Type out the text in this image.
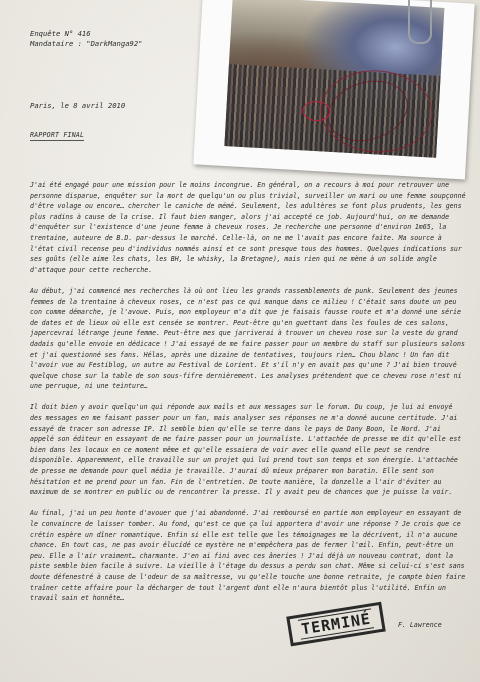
Enquête N° 416
Mandataire : "DarkManga92"
Paris, le 8 avril 2010
RAPPORT FINAL

J'ai été engagé pour une mission pour le moins incongrue. En général, on a recours à moi pour retrouver une personne disparue, enquêter sur la mort de quelqu'un ou plus trivial, surveiller un mari ou une femme soupçonné d'être volage ou encore… chercher le caniche de mémé. Seulement, les adultères se font plus prudents, les gens plus radins à cause de la crise. Il faut bien manger, alors j'ai accepté ce job. Aujourd'hui, on me demande d'enquêter sur l'existence d'une jeune femme à cheveux roses. Je recherche une personne d'environ 1m65, la trentaine, auteure de B.D. par-dessus le marché. Celle-là, on ne me l'avait pas encore faite. Ma source à l'état civil recense peu d'individus nommés ainsi et ce sont presque tous des hommes. Quelques indications sur ses goûts (elle aime les chats, les BH, le whisky, la Bretagne), mais rien qui ne mène à un solide angle d'attaque pour cette recherche.

Au début, j'ai commencé mes recherches là où ont lieu les grands rassemblements de punk. Seulement des jeunes femmes de la trentaine à cheveux roses, ce n'est pas ce qui manque dans ce milieu ! C'était sans doute un peu con comme démarche, je l'avoue. Puis, mon employeur m'a dit que je faisais fausse route et m'a donné une série de dates et de lieux où elle est censée se montrer. Peut-être qu'en guettant dans les foules de ces salons, japercevrai létrange jeune femme. Peut-être mes que jarriverai à trouver un cheveu rose sur la veste du grand dadais qu'elle envoie en dédicace ! J'ai essayé de me faire passer pour un membre du staff sur plusieurs salons et j'ai questionné ses fans. Hélas, après une dizaine de tentatives, toujours rien… Chou blanc ! Un fan dit l'avoir vue au Festiblog, un autre au Festival de Lorient. Et s'il n'y en avait pas qu'une ? J'ai bien trouvé quelque chose sur la table de son sous-fifre dernièrement. Les analyses prétendent que ce cheveu rose n'est ni une perruque, ni une teinture…

Il doit bien y avoir quelqu'un qui réponde aux mails et aux messages sur le forum. Du coup, je lui ai envoyé des messages en me faisant passer pour un fan, mais analyser ses réponses ne m'a donné aucune certitude. J'ai essayé de tracer son adresse IP. Il semble bien qu'elle se terre dans le pays de Dany Boon, le Nord. J'ai appelé son éditeur en essayant de me faire passer pour un journaliste. L'attachée de presse me dit qu'elle est bien dans les locaux en ce moment même et qu'elle essaiera de voir avec elle quand elle peut se rendre disponible. Apparemment, elle travaille sur un projet qui lui prend tout son temps et son énergie. L'attachée de presse me demande pour quel média je travaille. J'aurai dû mieux préparer mon baratin. Elle sent son hésitation et me prend pour un fan. Fin de l'entretien. De toute manière, la donzelle a l'air d'éviter au maximum de se montrer en public ou de rencontrer la presse. Il y avait peu de chances que je puisse la voir.

Au final, j'ai un peu honte d'avouer que j'ai abandonné. J'ai remboursé en partie mon employeur en essayant de le convaincre de laisser tomber. Au fond, qu'est ce que ça lui apportera d'avoir une réponse ? Je crois que ce crétin espère un dîner romantique. Enfin si elle est telle que les témoignages me la décrivent, il n'a aucune chance. En tout cas, ne pas avoir élucidé ce mystère ne m'empêchera pas de fermer l'œil. Enfin, peut-être un peu. Elle a l'air vraiment… charmante. J'en ai fini avec ces âneries ! J'ai déjà un nouveau contrat, dont la piste semble bien facile à suivre. La vieille à l'étage du dessus a perdu son chat. Même si celui-ci s'est sans doute défenestré à cause de l'odeur de sa maîtresse, vu qu'elle touche une bonne retraite, je compte bien faire traîner cette affaire pour la décharger de tout l'argent dont elle n'aura bientôt plus l'utilité. Enfin un travail sain et honnête…

TERMINÉ	F. Lawrence
